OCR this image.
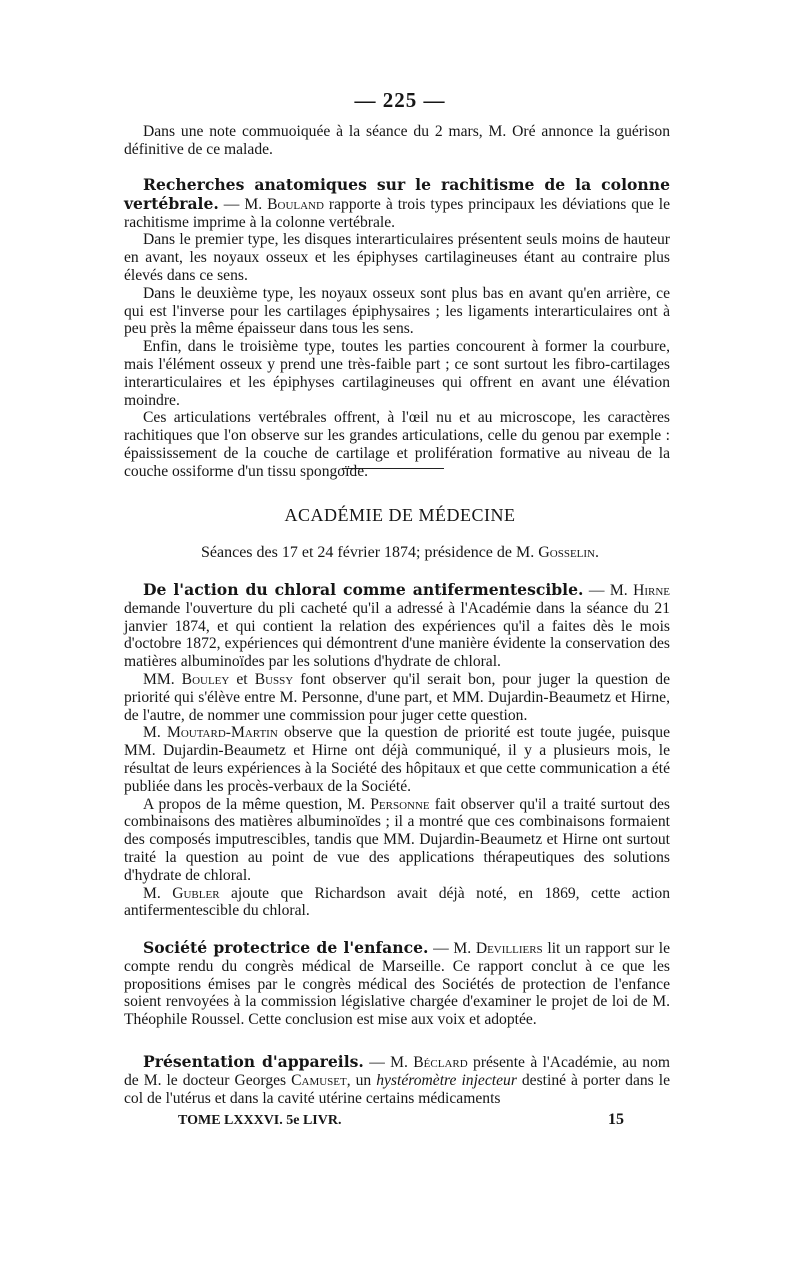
— 225 —

Dans une note commuoiquée à la séance du 2 mars, M. Oré annonce la guérison définitive de ce malade.

Recherches anatomiques sur le rachitisme de la colonne vertébrale. — M. Bouland rapporte à trois types principaux les déviations que le rachitisme imprime à la colonne vertébrale.

Dans le premier type, les disques interarticulaires présentent seuls moins de hauteur en avant, les noyaux osseux et les épiphyses cartilagineuses étant au contraire plus élevés dans ce sens.

Dans le deuxième type, les noyaux osseux sont plus bas en avant qu'en arrière, ce qui est l'inverse pour les cartilages épiphysaires ; les ligaments interarticulaires ont à peu près la même épaisseur dans tous les sens.

Enfin, dans le troisième type, toutes les parties concourent à former la courbure, mais l'élément osseux y prend une très-faible part ; ce sont surtout les fibro-cartilages interarticulaires et les épiphyses cartilagineuses qui offrent en avant une élévation moindre.

Ces articulations vertébrales offrent, à l'œil nu et au microscope, les caractères rachitiques que l'on observe sur les grandes articulations, celle du genou par exemple : épaississement de la couche de cartilage et prolifération formative au niveau de la couche ossiforme d'un tissu spongoïde.

ACADÉMIE DE MÉDECINE
Séances des 17 et 24 février 1874; présidence de M. Gosselin.

De l'action du chloral comme antifermentescible. — M. Hirne demande l'ouverture du pli cacheté qu'il a adressé à l'Académie dans la séance du 21 janvier 1874, et qui contient la relation des expériences qu'il a faites dès le mois d'octobre 1872, expériences qui démontrent d'une manière évidente la conservation des matières albuminoïdes par les solutions d'hydrate de chloral.

MM. Bouley et Bussy font observer qu'il serait bon, pour juger la question de priorité qui s'élève entre M. Personne, d'une part, et MM. Dujardin-Beaumetz et Hirne, de l'autre, de nommer une commission pour juger cette question.

M. Moutard-Martin observe que la question de priorité est toute jugée, puisque MM. Dujardin-Beaumetz et Hirne ont déjà communiqué, il y a plusieurs mois, le résultat de leurs expériences à la Société des hôpitaux et que cette communication a été publiée dans les procès-verbaux de la Société.

A propos de la même question, M. Personne fait observer qu'il a traité surtout des combinaisons des matières albuminoïdes ; il a montré que ces combinaisons formaient des composés imputrescibles, tandis que MM. Dujardin-Beaumetz et Hirne ont surtout traité la question au point de vue des applications thérapeutiques des solutions d'hydrate de chloral.

M. Gubler ajoute que Richardson avait déjà noté, en 1869, cette action antifermentescible du chloral.

Société protectrice de l'enfance. — M. Devilliers lit un rapport sur le compte rendu du congrès médical de Marseille. Ce rapport conclut à ce que les propositions émises par le congrès médical des Sociétés de protection de l'enfance soient renvoyées à la commission législative chargée d'examiner le projet de loi de M. Théophile Roussel. Cette conclusion est mise aux voix et adoptée.

Présentation d'appareils. — M. Béclard présente à l'Académie, au nom de M. le docteur Georges Camuset, un hystéromètre injecteur destiné à porter dans le col de l'utérus et dans la cavité utérine certains médicaments

TOME LXXXVI. 5e LIVR.	15
